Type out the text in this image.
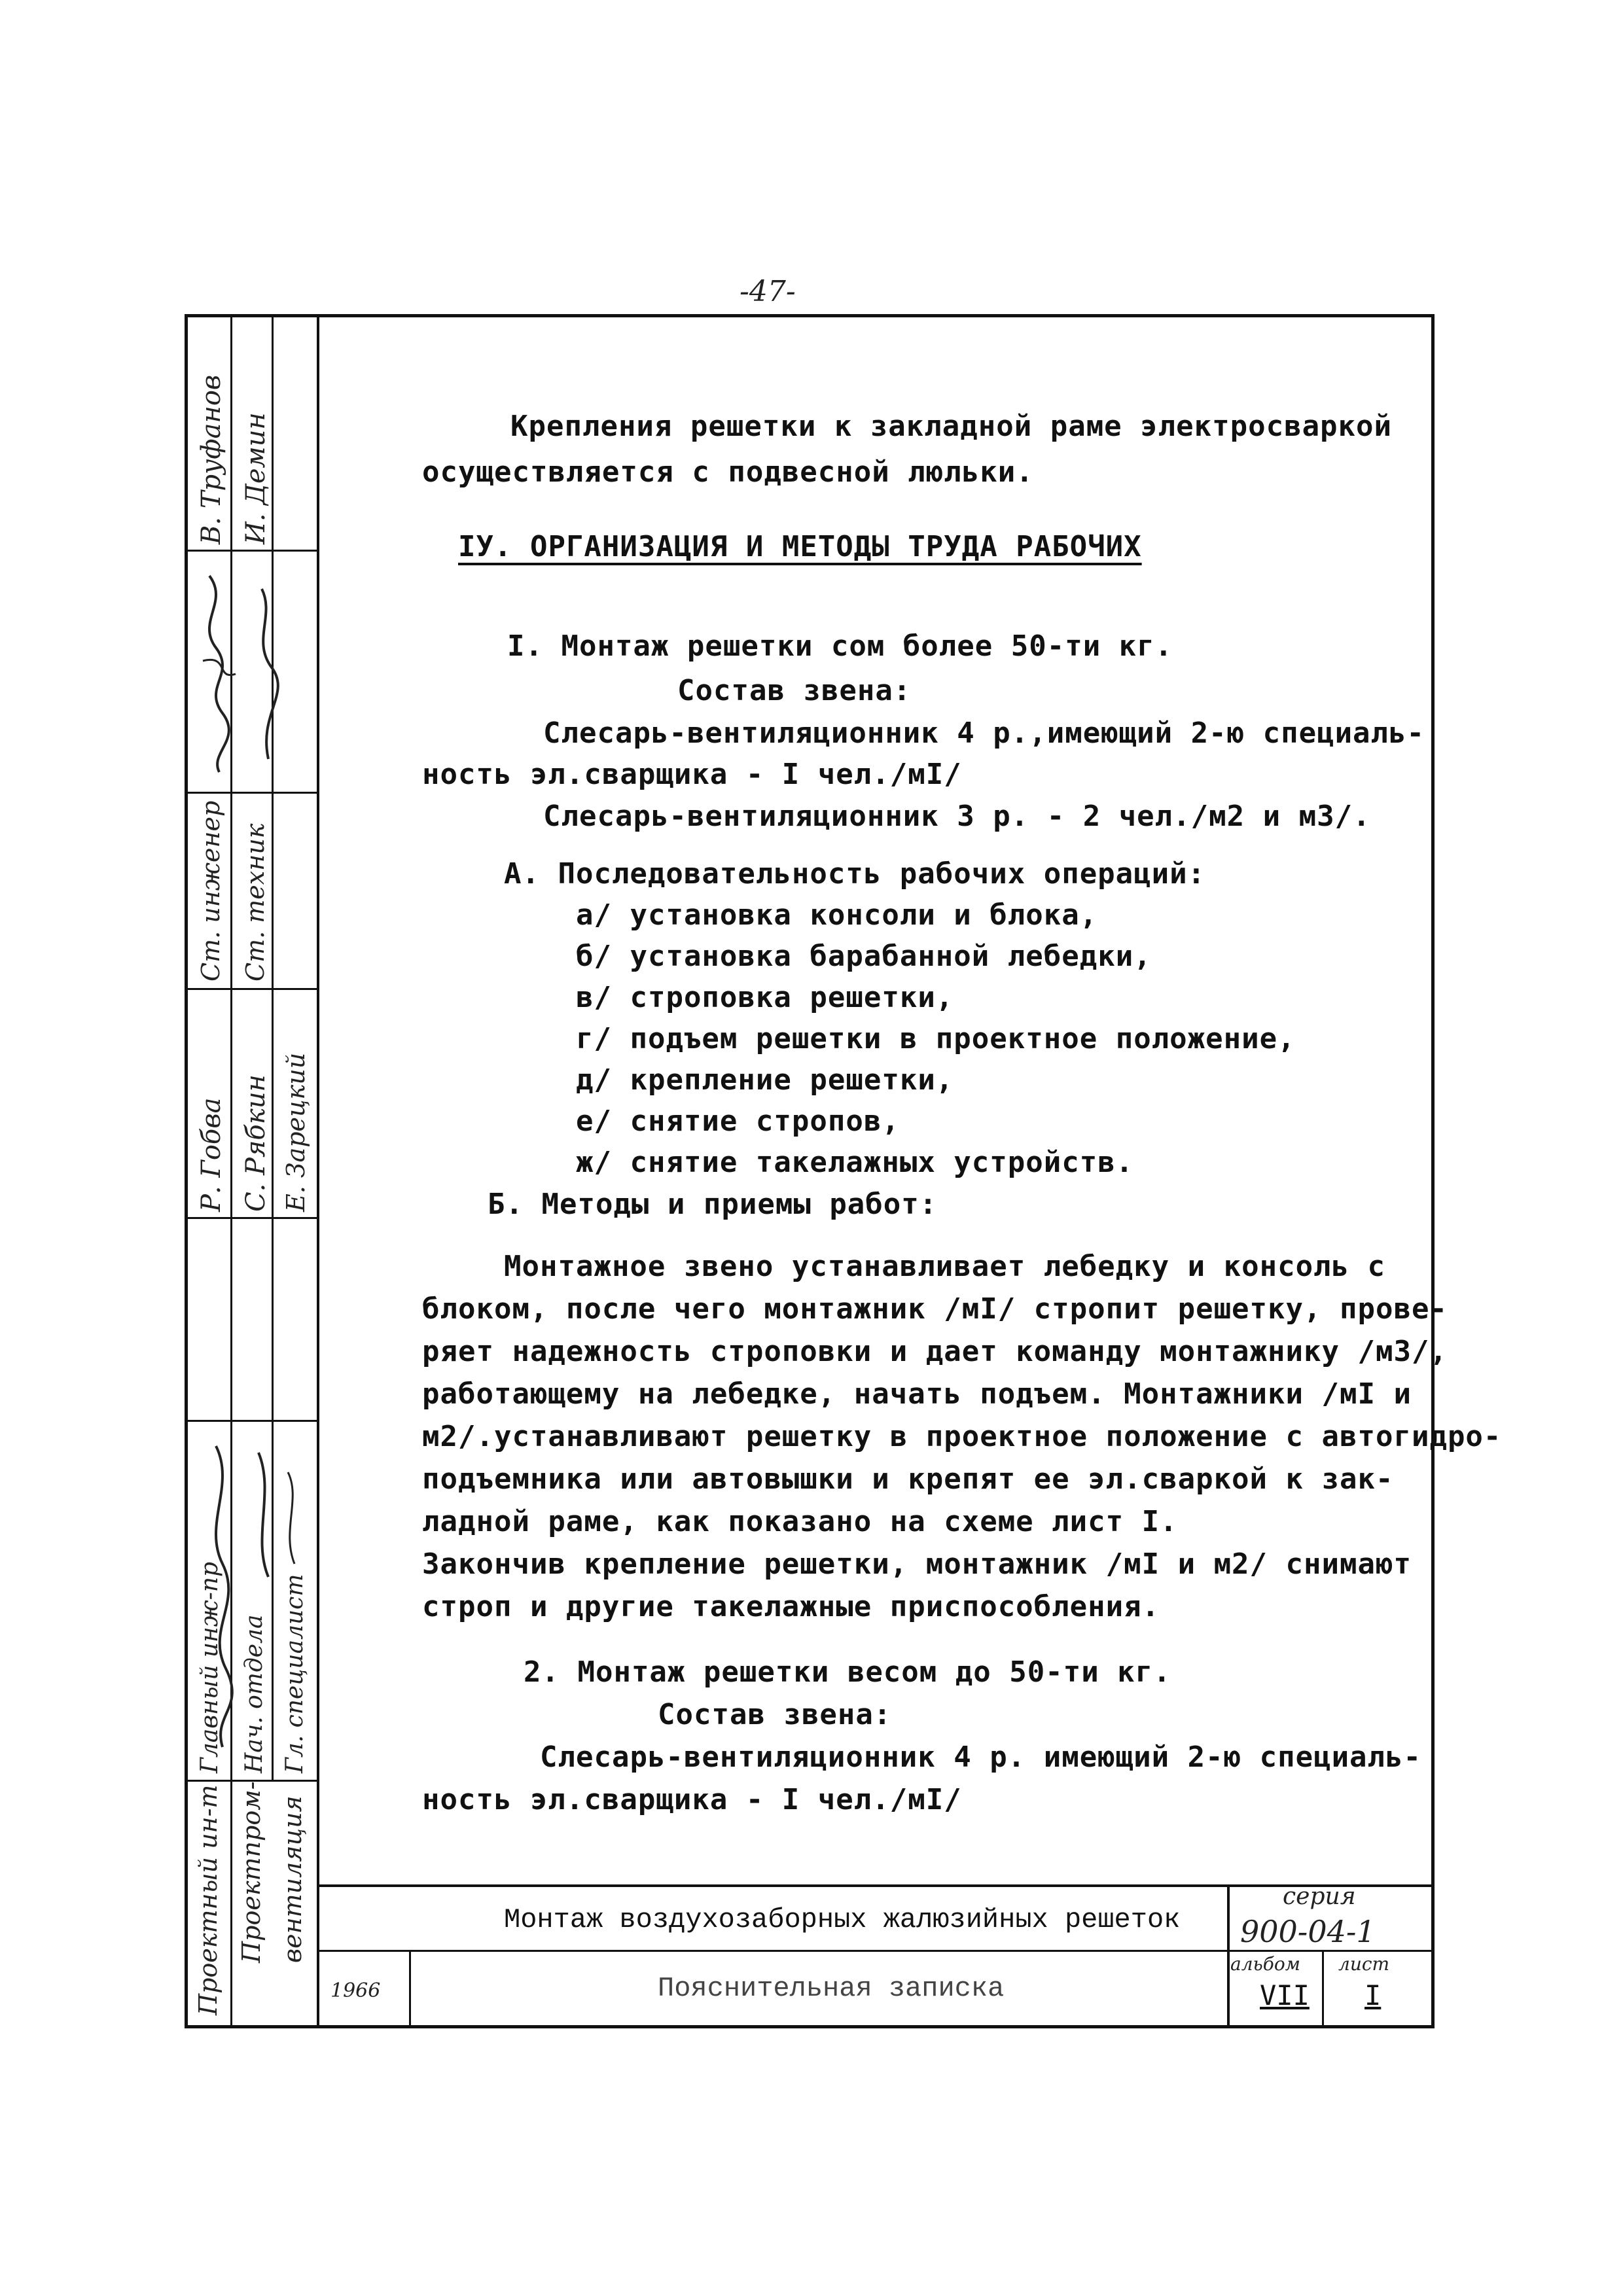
-47-
В. Труфанов И. Демин
Ст. инженер Ст. техник
Р. Гобва С. Рябкин Е. Зарецкий
Главный инж-пр Нач. отдела Гл. специалист
Проектный ин-т Проектпром- вентиляция
Крепления решетки к закладной раме электросваркой
осуществляется с подвесной люльки.
IУ. ОРГАНИЗАЦИЯ И МЕТОДЫ ТРУДА РАБОЧИХ
I. Монтаж решетки сом более 50-ти кг.
Состав звена:
Слесарь-вентиляционник 4 р.,имеющий 2-ю специаль-
ность эл.сварщика - I чел./мI/
Слесарь-вентиляционник 3 р. - 2 чел./м2 и м3/.
А. Последовательность рабочих операций:
а/ установка консоли и блока,
б/ установка барабанной лебедки,
в/ строповка решетки,
г/ подъем решетки в проектное положение,
д/ крепление решетки,
е/ снятие стропов,
ж/ снятие такелажных устройств.
Б. Методы и приемы работ:
Монтажное звено устанавливает лебедку и консоль с
блоком, после чего монтажник /мI/ стропит решетку, прове-
ряет надежность строповки и дает команду монтажнику /м3/,
работающему на лебедке, начать подъем. Монтажники /мI и
м2/.устанавливают решетку в проектное положение с автогидро-
подъемника или автовышки и крепят ее эл.сваркой к зак-
ладной раме, как показано на схеме лист I.
Закончив крепление решетки, монтажник /мI и м2/ снимают
строп и другие такелажные приспособления.
2. Монтаж решетки весом до 50-ти кг.
Состав звена:
Слесарь-вентиляционник 4 р. имеющий 2-ю специаль-
ность эл.сварщика - I чел./мI/
Монтаж воздухозаборных жалюзийных решеток
Пояснительная записка
1966
серия
900-04-1
альбом
VII
лист
I
